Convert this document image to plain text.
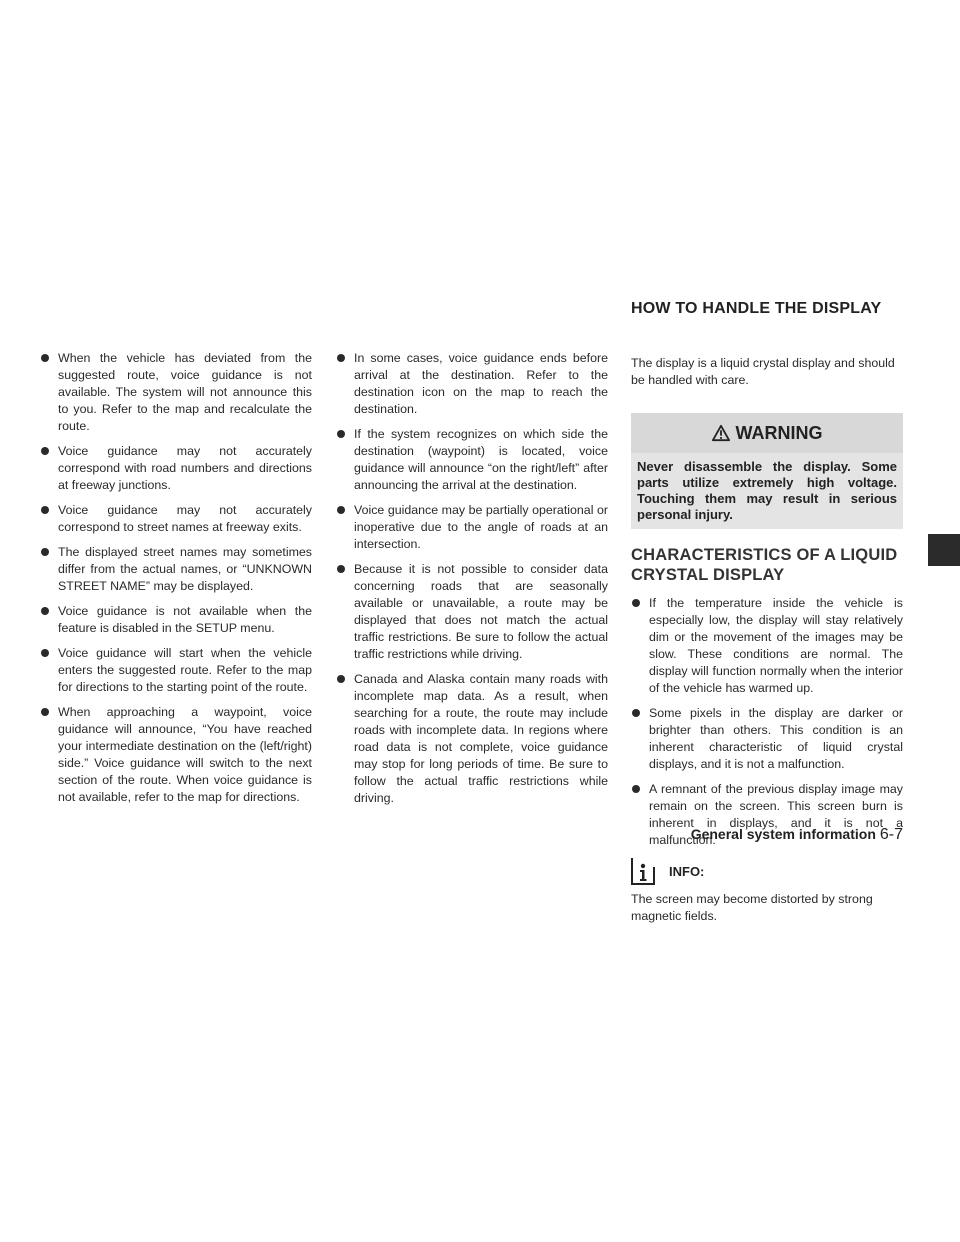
HOW TO HANDLE THE DISPLAY
When the vehicle has deviated from the suggested route, voice guidance is not available. The system will not announce this to you. Refer to the map and recalculate the route.
Voice guidance may not accurately correspond with road numbers and directions at freeway junctions.
Voice guidance may not accurately correspond to street names at freeway exits.
The displayed street names may sometimes differ from the actual names, or “UNKNOWN STREET NAME” may be displayed.
Voice guidance is not available when the feature is disabled in the SETUP menu.
Voice guidance will start when the vehicle enters the suggested route. Refer to the map for directions to the starting point of the route.
When approaching a waypoint, voice guidance will announce, “You have reached your intermediate destination on the (left/right) side.” Voice guidance will switch to the next section of the route. When voice guidance is not available, refer to the map for directions.
In some cases, voice guidance ends before arrival at the destination. Refer to the destination icon on the map to reach the destination.
If the system recognizes on which side the destination (waypoint) is located, voice guidance will announce “on the right/left” after announcing the arrival at the destination.
Voice guidance may be partially operational or inoperative due to the angle of roads at an intersection.
Because it is not possible to consider data concerning roads that are seasonally available or unavailable, a route may be displayed that does not match the actual traffic restrictions. Be sure to follow the actual traffic restrictions while driving.
Canada and Alaska contain many roads with incomplete map data. As a result, when searching for a route, the route may include roads with incomplete data. In regions where road data is not complete, voice guidance may stop for long periods of time. Be sure to follow the actual traffic restrictions while driving.

The display is a liquid crystal display and should be handled with care.

WARNING
Never disassemble the display. Some parts utilize extremely high voltage. Touching them may result in serious personal injury.
CHARACTERISTICS OF A LIQUID CRYSTAL DISPLAY
If the temperature inside the vehicle is especially low, the display will stay relatively dim or the movement of the images may be slow. These conditions are normal. The display will function normally when the interior of the vehicle has warmed up.
Some pixels in the display are darker or brighter than others. This condition is an inherent characteristic of liquid crystal displays, and it is not a malfunction.
A remnant of the previous display image may remain on the screen. This screen burn is inherent in displays, and it is not a malfunction.
INFO:

The screen may become distorted by strong magnetic fields.

General system information 6-7
